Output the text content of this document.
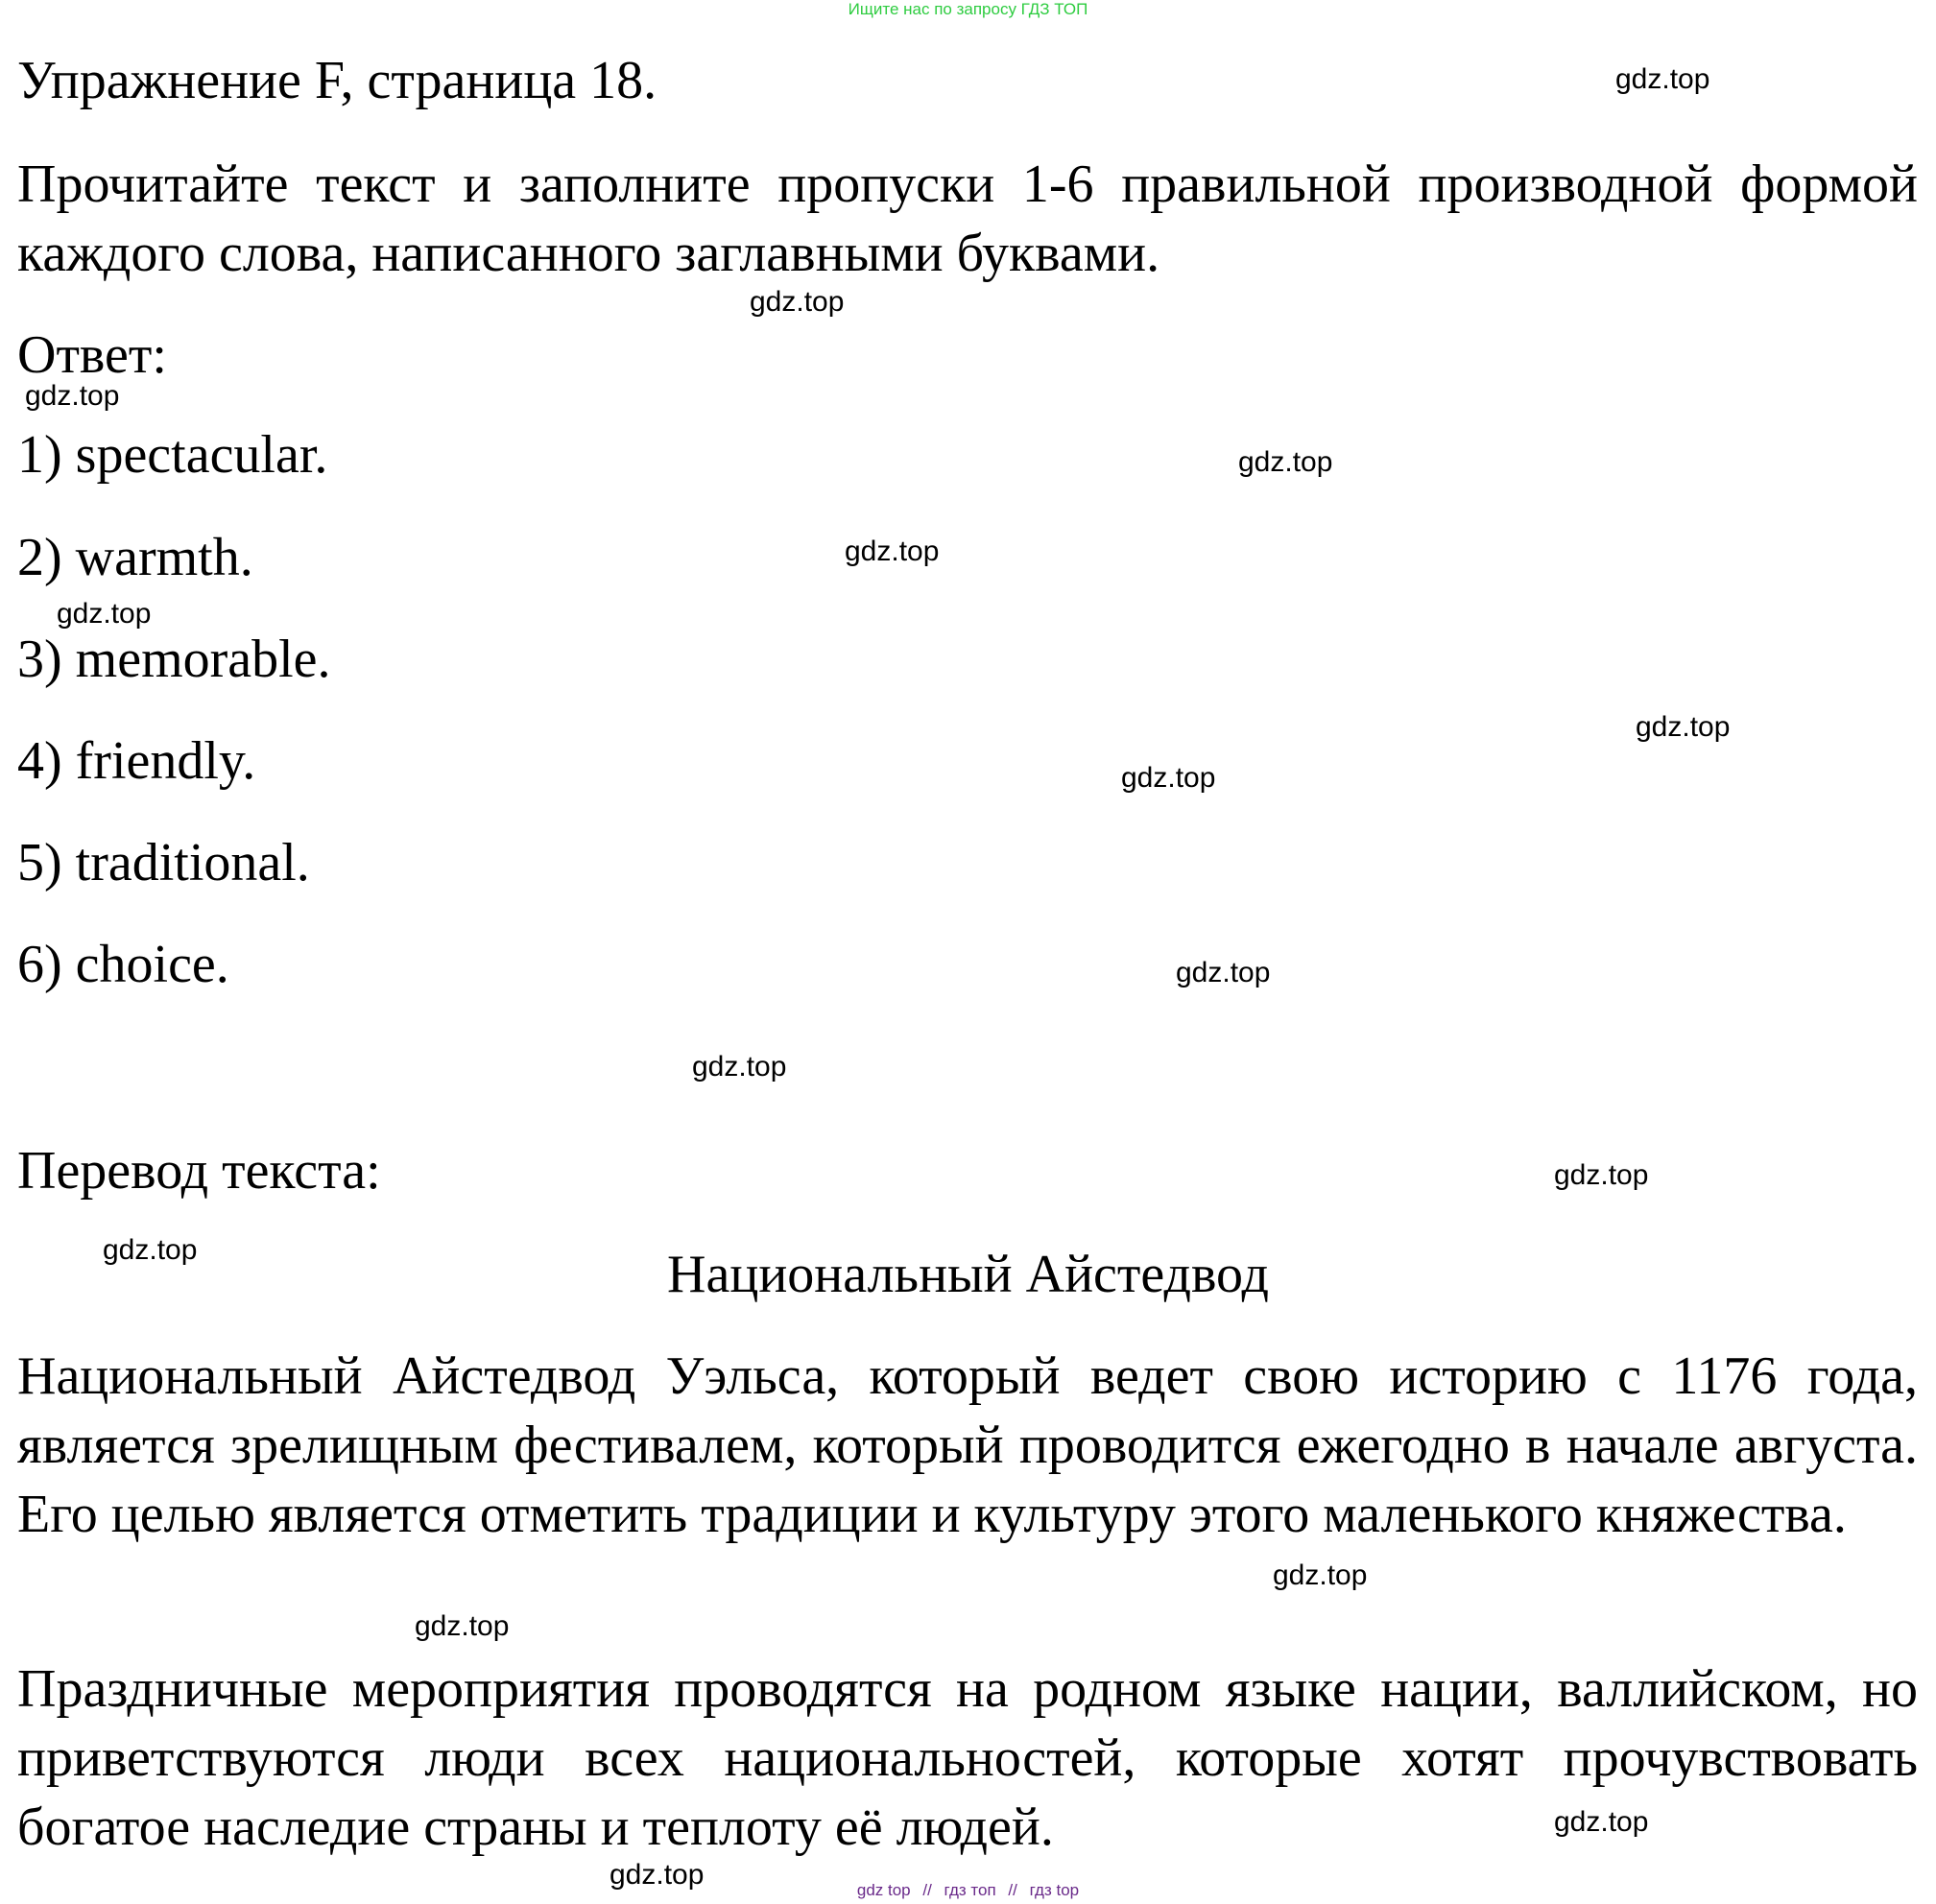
Ищите нас по запросу ГДЗ ТОП
Упражнение F, страница 18.
Прочитайте текст и заполните пропуски 1-6 правильной производной формой каждого слова, написанного заглавными буквами.
Ответ:
1) spectacular.
2) warmth.
3) memorable.
4) friendly.
5) traditional.
6) choice.
Перевод текста:
Национальный Айстедвод
Национальный Айстедвод Уэльса, который ведет свою историю с 1176 года, является зрелищным фестивалем, который проводится ежегодно в начале августа. Его целью является отметить традиции и культуру этого маленького княжества.
Праздничные мероприятия проводятся на родном языке нации, валлийском, но приветствуются люди всех национальностей, которые хотят прочувствовать богатое наследие страны и теплоту её людей.
gdz.top
gdz.top
gdz.top
gdz.top
gdz.top
gdz.top
gdz.top
gdz.top
gdz.top
gdz.top
gdz.top
gdz.top
gdz.top
gdz.top
gdz.top
gdz.top	gdz top // гдз топ // гдз top
